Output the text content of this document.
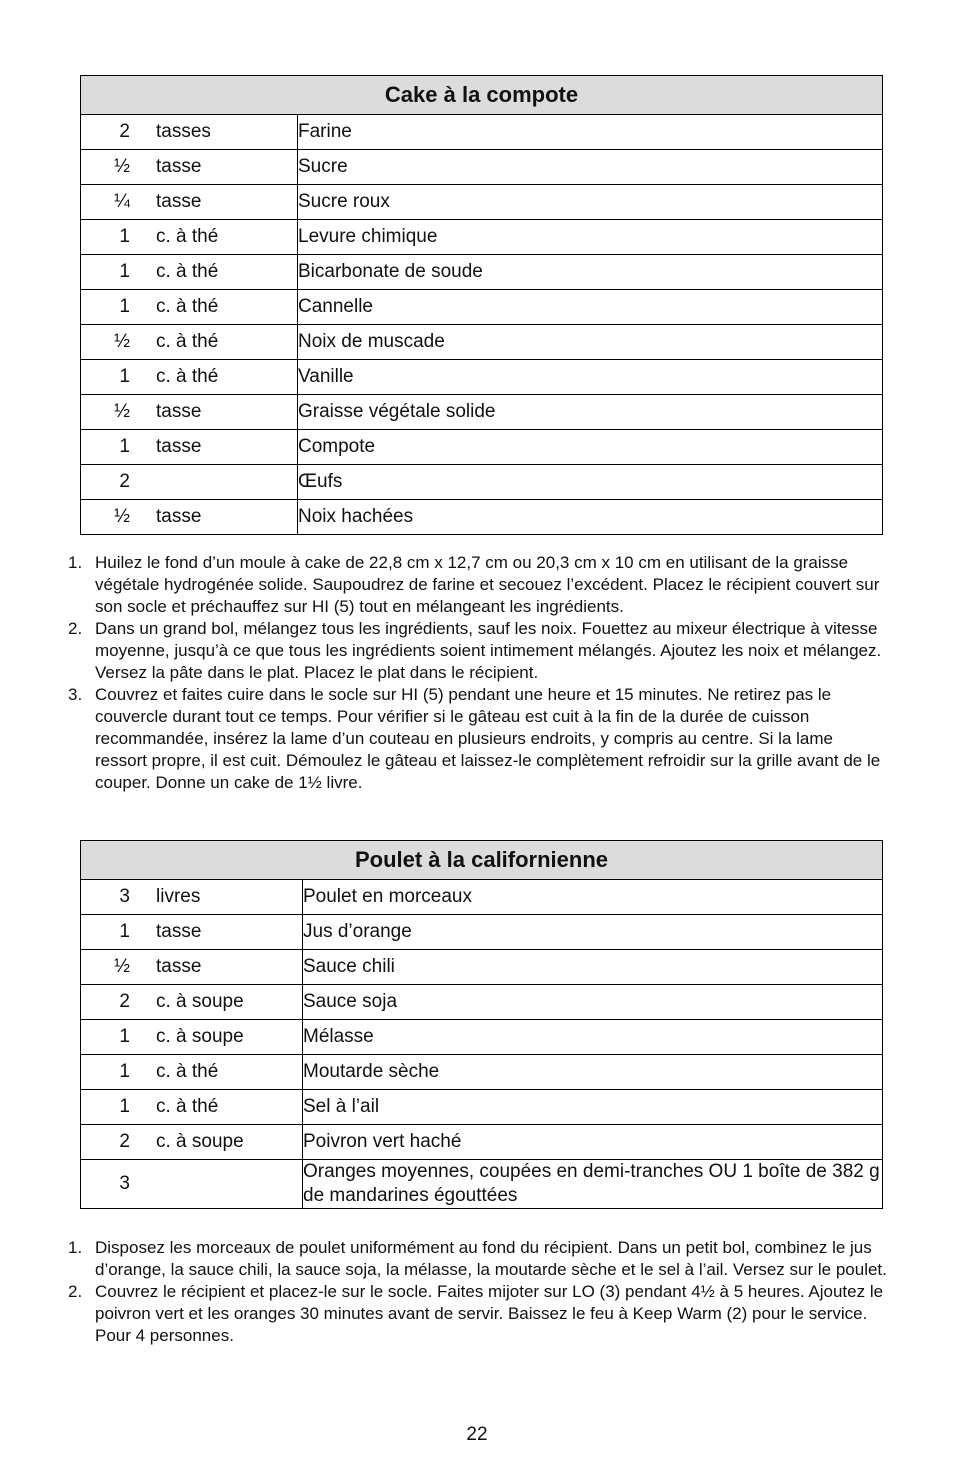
Cake à la compote	

2 tasses	Farine

½ tasse	Sucre

¼ tasse	Sucre roux

1 c. à thé	Levure chimique

1 c. à thé	Bicarbonate de soude

1 c. à thé	Cannelle

½ c. à thé	Noix de muscade

1 c. à thé	Vanille

½ tasse	Graisse végétale solide

1 tasse	Compote

2	Œufs

½ tasse	Noix hachées
1. Huilez le fond d’un moule à cake de 22,8 cm x 12,7 cm ou 20,3 cm x 10 cm en utilisant de la graisse végétale hydrogénée solide. Saupoudrez de farine et secouez l’excédent. Placez le récipient couvert sur son socle et préchauffez sur HI (5) tout en mélangeant les ingrédients.
2. Dans un grand bol, mélangez tous les ingrédients, sauf les noix. Fouettez au mixeur électrique à vitesse moyenne, jusqu’à ce que tous les ingrédients soient intimement mélangés. Ajoutez les noix et mélangez. Versez la pâte dans le plat. Placez le plat dans le récipient.
3. Couvrez et faites cuire dans le socle sur HI (5) pendant une heure et 15 minutes. Ne retirez pas le couvercle durant tout ce temps. Pour vérifier si le gâteau est cuit à la fin de la durée de cuisson recommandée, insérez la lame d’un couteau en plusieurs endroits, y compris au centre. Si la lame ressort propre, il est cuit. Démoulez le gâteau et laissez-le complètement refroidir sur la grille avant de le couper. Donne un cake de 1½ livre.
Poulet à la californienne	

3 livres	Poulet en morceaux

1 tasse	Jus d’orange

½ tasse	Sauce chili

2 c. à soupe	Sauce soja

1 c. à soupe	Mélasse

1 c. à thé	Moutarde sèche

1 c. à thé	Sel à l’ail

2 c. à soupe	Poivron vert haché

3	Oranges moyennes, coupées en demi-tranches OU 1 boîte de 382 g de mandarines égouttées
1. Disposez les morceaux de poulet uniformément au fond du récipient. Dans un petit bol, combinez le jus d’orange, la sauce chili, la sauce soja, la mélasse, la moutarde sèche et le sel à l’ail. Versez sur le poulet.
2. Couvrez le récipient et placez-le sur le socle. Faites mijoter sur LO (3) pendant 4½ à 5 heures. Ajoutez le poivron vert et les oranges 30 minutes avant de servir. Baissez le feu à Keep Warm (2) pour le service. Pour 4 personnes.
22
